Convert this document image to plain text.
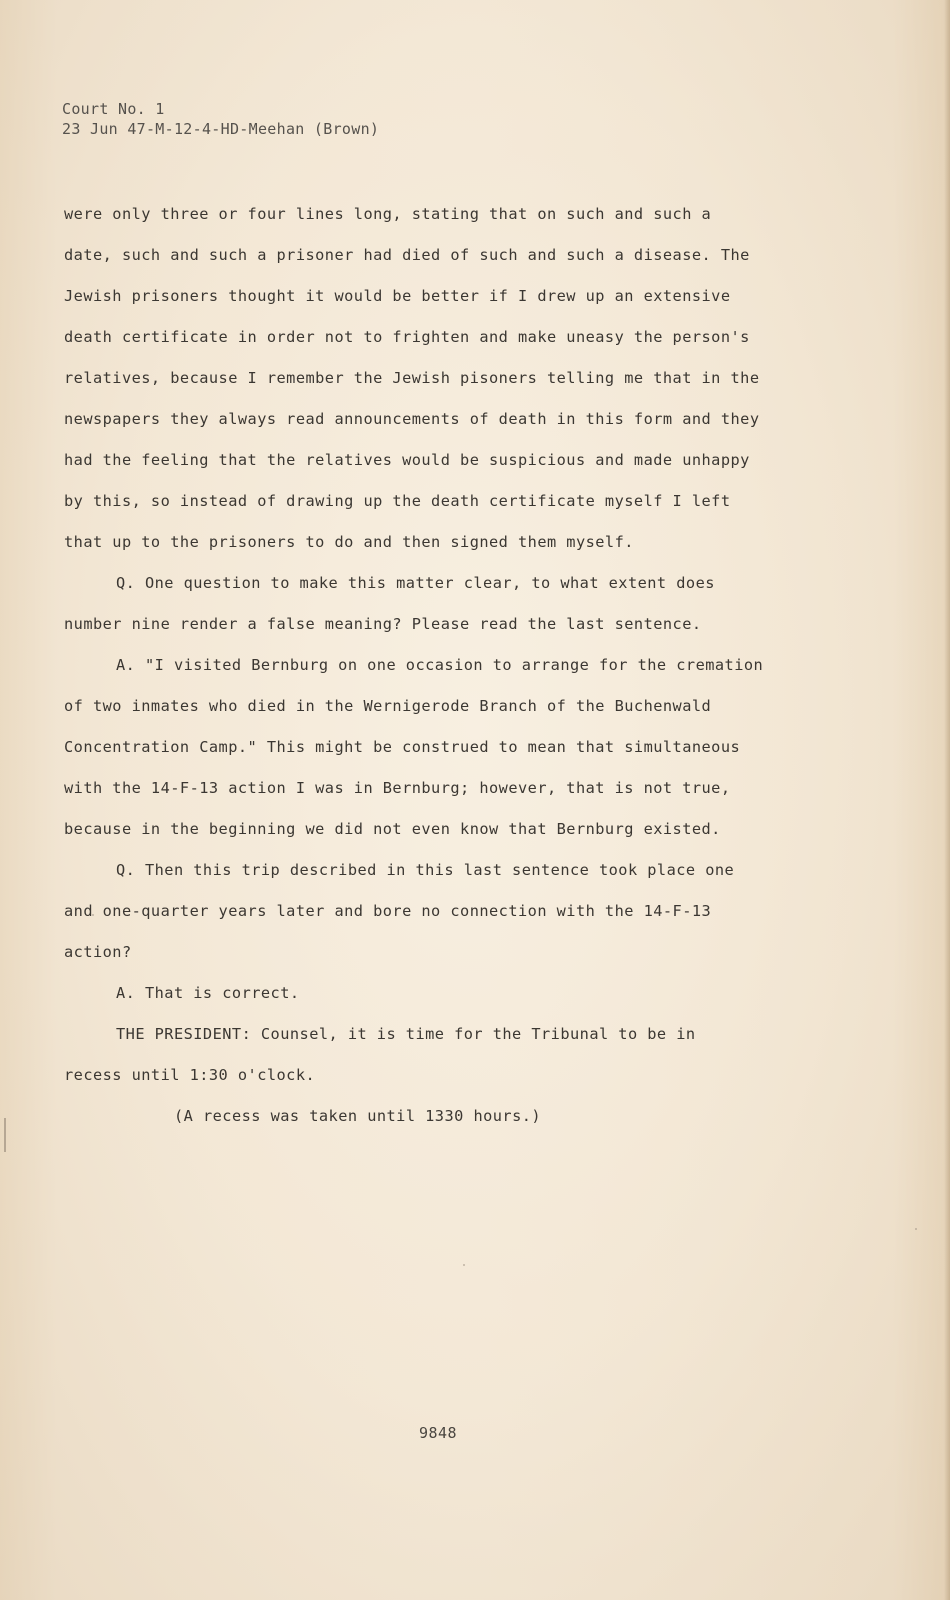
Court No. 1
23 Jun 47-M-12-4-HD-Meehan (Brown)
were only three or four lines long, stating that on such and such a
date, such and such a prisoner had died of such and such a disease. The
Jewish prisoners thought it would be better if I drew up an extensive
death certificate in order not to frighten and make uneasy the person's
relatives, because I remember the Jewish pisoners telling me that in the
newspapers they always read announcements of death in this form and they
had the feeling that the relatives would be suspicious and made unhappy
by this, so instead of drawing up the death certificate myself I left
that up to the prisoners to do and then signed them myself.
Q. One question to make this matter clear, to what extent does
number nine render a false meaning? Please read the last sentence.
A. "I visited Bernburg on one occasion to arrange for the cremation
of two inmates who died in the Wernigerode Branch of the Buchenwald
Concentration Camp." This might be construed to mean that simultaneous
with the 14-F-13 action I was in Bernburg; however, that is not true,
because in the beginning we did not even know that Bernburg existed.
Q. Then this trip described in this last sentence took place one
and one-quarter years later and bore no connection with the 14-F-13
action?
A. That is correct.
THE PRESIDENT: Counsel, it is time for the Tribunal to be in
recess until 1:30 o'clock.
(A recess was taken until 1330 hours.)
9848
